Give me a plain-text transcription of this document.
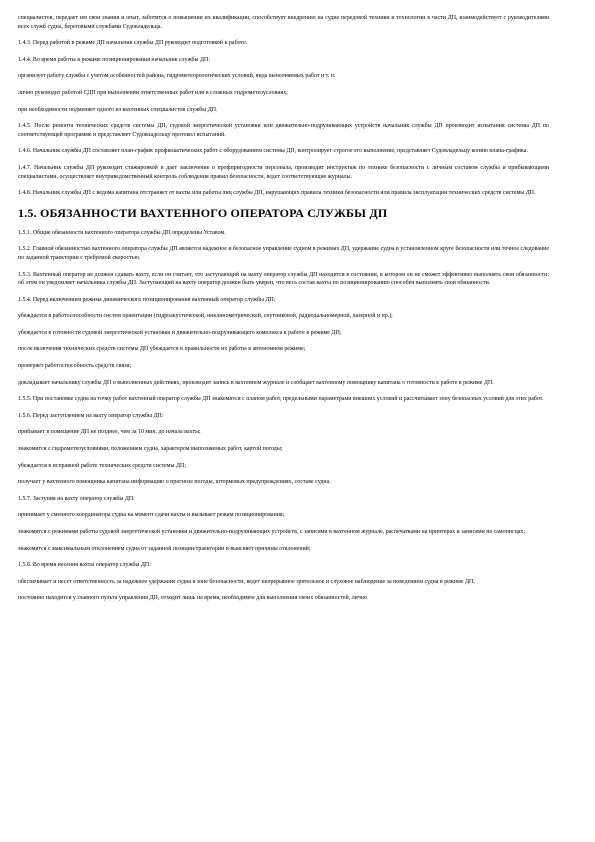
специалистов, передает им свои знания и опыт, заботится о повышении их квалификации, способствует внедрению на судне передовой техники и технологии в части ДП, взаимодействует с руководителями всех служб судна, береговыми службами Судовладельца.

1.4.3. Перед работой в режиме ДП начальник службы ДП руководит подготовкой к работе.

1.4.4. Во время работы в режиме позиционирования начальник службы ДП:

организует работу службы с учетом особенностей района, гидрометеорологических условий, вида выполняемых работ и т. п.

лично руководит работой СДП при выполнении ответственных работ или в сложных гидрометеоусловиях;

при необходимости подменяет одного из вахтенных специалистов службы ДП.

1.4.5. После ремонта технических средств системы ДП, судовой энергетической установки или движительно-подруливающих устройств начальник службы ДП производит испытания системы ДП по соответствующей программе и представляет Судовладельцу протокол испытаний.

1.4.6. Начальник службы ДП составляет план-график профилактических работ с оборудованием системы ДП, контролирует строгое его выполнение, представляет Судовладельцу копию плана-графика.

1.4.7. Начальник службы ДП руководит стажировкой и дает заключение о профпригодности персонала, производит инструктаж по технике безопасности с личным составом службы и прибывающими специалистами, осуществляет внутриведомственный контроль соблюдения правил безопасности, ведет соответствующие журналы.

1.4.8. Начальник службы ДП с ведома капитана отстраняет от вахты или работы лиц службы ДП, нарушающих правила техники безопасности или правила эксплуатации технических средств системы ДП.

1.5. ОБЯЗАННОСТИ ВАХТЕННОГО ОПЕРАТОРА СЛУЖБЫ ДП

1.5.1. Общие обязанности вахтенного оператора службы ДП определены Уставом.

1.5.2. Главной обязанностью вахтенного оператора службы ДП является надежное и безопасное управление судном в режимах ДП, удержание судна в установленном круге безопасности или точное следование по заданной траектории с требуемой скоростью.

1.5.3. Вахтенный оператор не должен сдавать вахту, если он считает, что заступающий на вахту оператор службы ДП находится в состоянии, в котором он не сможет эффективно выполнять свои обязанности; об этом он уведомляет начальника службы ДП. Заступающий на вахту оператор должен быть уверен, что весь состав вахты по позиционированию способен выполнять свои обязанности.

1.5.4. Перед включением режима динамического позиционирования вахтенный оператор службы ДП:

убеждается в работоспособности систем ориентации (гидроакустической, инклинометрической, спутниковой, радиодальномерной, лазерной и пр.);

убеждается в готовности судовой энергетической установки и движительно-подруливающего комплекса к работе в режиме ДП;

после включения технических средств системы ДП убеждается в правильности их работы в автономном режиме;

проверяет работоспособность средств связи;

докладывает начальнику службы ДП о выполненных действиях, производит запись в вахтенном журнале и сообщает вахтенному помощнику капитана о готовности к работе в режиме ДП.

1.5.5. При постановке судна на точку работ вахтенный оператор службы ДП знакомится с планом работ, предельными параметрами внешних условий и рассчитывает зону безопасных условий для этих работ.

1.5.6. Перед заступлением на вахту оператор службы ДП:

прибывает в помещение ДП не позднее, чем за 10 мин. до начала вахты;

знакомится с гидрометеоусловиями, положением судна, характером выполняемых работ, картой погоды;

убеждается в исправной работе технических средств системы ДП;

получает у вахтенного помощника капитана информацию о прогнозе погоды, штормовых предупреждениях, составе судна.

1.5.7. Заступив на вахту оператор службы ДП:

принимает у сменного координатора судна на момент сдачи вахты и вызывает режим позиционирования;

знакомится с режимами работы судовой энергетической установки и движительно-подруливающих устройств, с записями в вахтенном журнале, распечатками на принтерах и записями на самописцах;

знакомится с максимальным отклонением судна от заданной позиции/траектории и выясняет причины отклонений;

1.5.8. Во время несения вахты оператор службы ДП:

обеспечивает и несет ответственность за надежное удержание судна в зоне безопасности, ведет непрерывное зрительное и слуховое наблюдение за поведением судна в режиме ДП;

постоянно находится у главного пульта управления ДП, отходит лишь на время, необходимое для выполнения своих обязанностей, лично
